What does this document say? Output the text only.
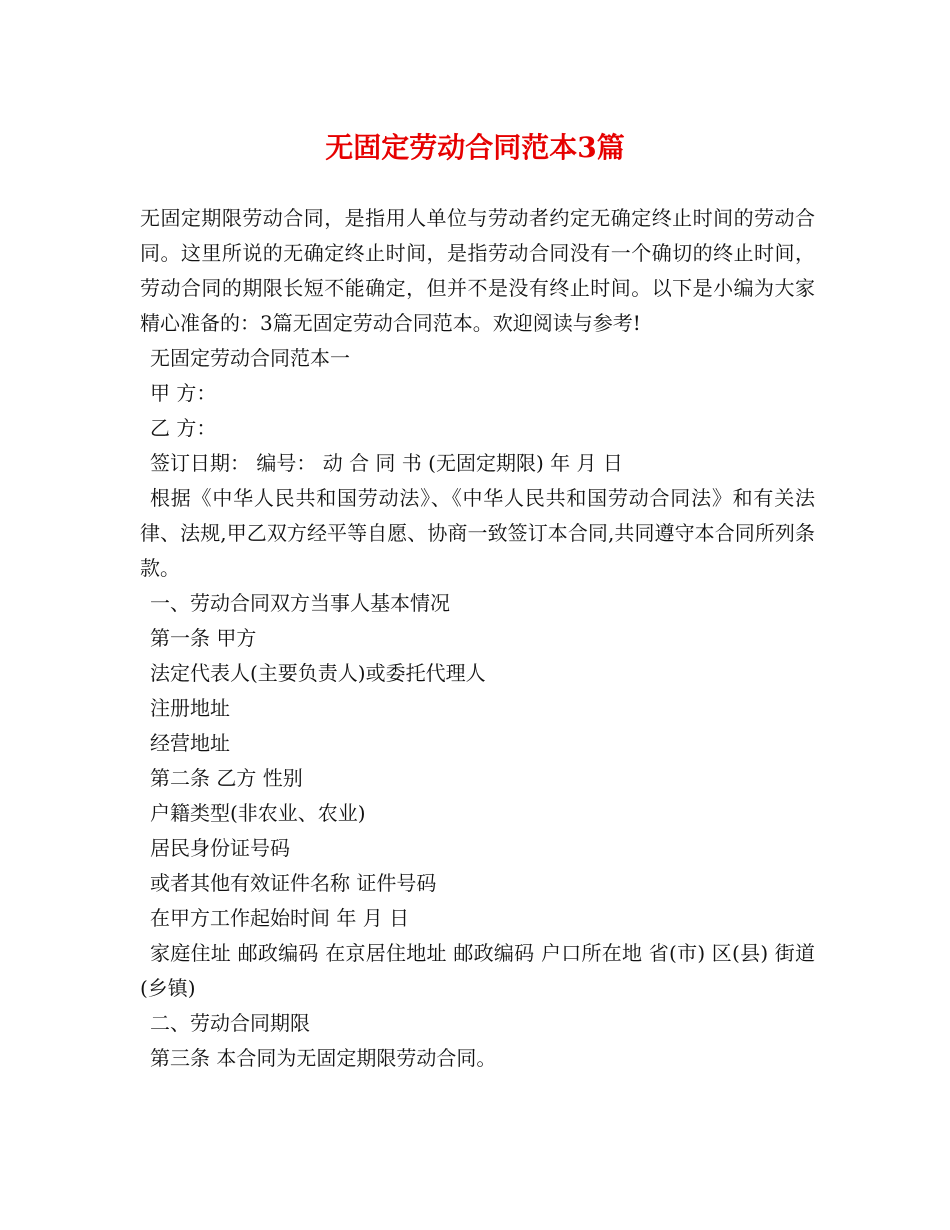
无固定劳动合同范本3篇

无固定期限劳动合同，是指用人单位与劳动者约定无确定终止时间的劳动合同。这里所说的无确定终止时间，是指劳动合同没有一个确切的终止时间，劳动合同的期限长短不能确定，但并不是没有终止时间。以下是小编为大家精心准备的：3篇无固定劳动合同范本。欢迎阅读与参考!

无固定劳动合同范本一

甲 方：

乙 方：

签订日期： 编号： 动 合 同 书 (无固定期限) 年 月 日

根据《中华人民共和国劳动法》、《中华人民共和国劳动合同法》和有关法律、法规,甲乙双方经平等自愿、协商一致签订本合同,共同遵守本合同所列条款。

一、劳动合同双方当事人基本情况

第一条 甲方

法定代表人(主要负责人)或委托代理人

注册地址

经营地址

第二条 乙方 性别

户籍类型(非农业、农业)

居民身份证号码

或者其他有效证件名称 证件号码

在甲方工作起始时间 年 月 日

家庭住址 邮政编码 在京居住地址 邮政编码 户口所在地 省(市) 区(县) 街道(乡镇)

二、劳动合同期限

第三条 本合同为无固定期限劳动合同。
